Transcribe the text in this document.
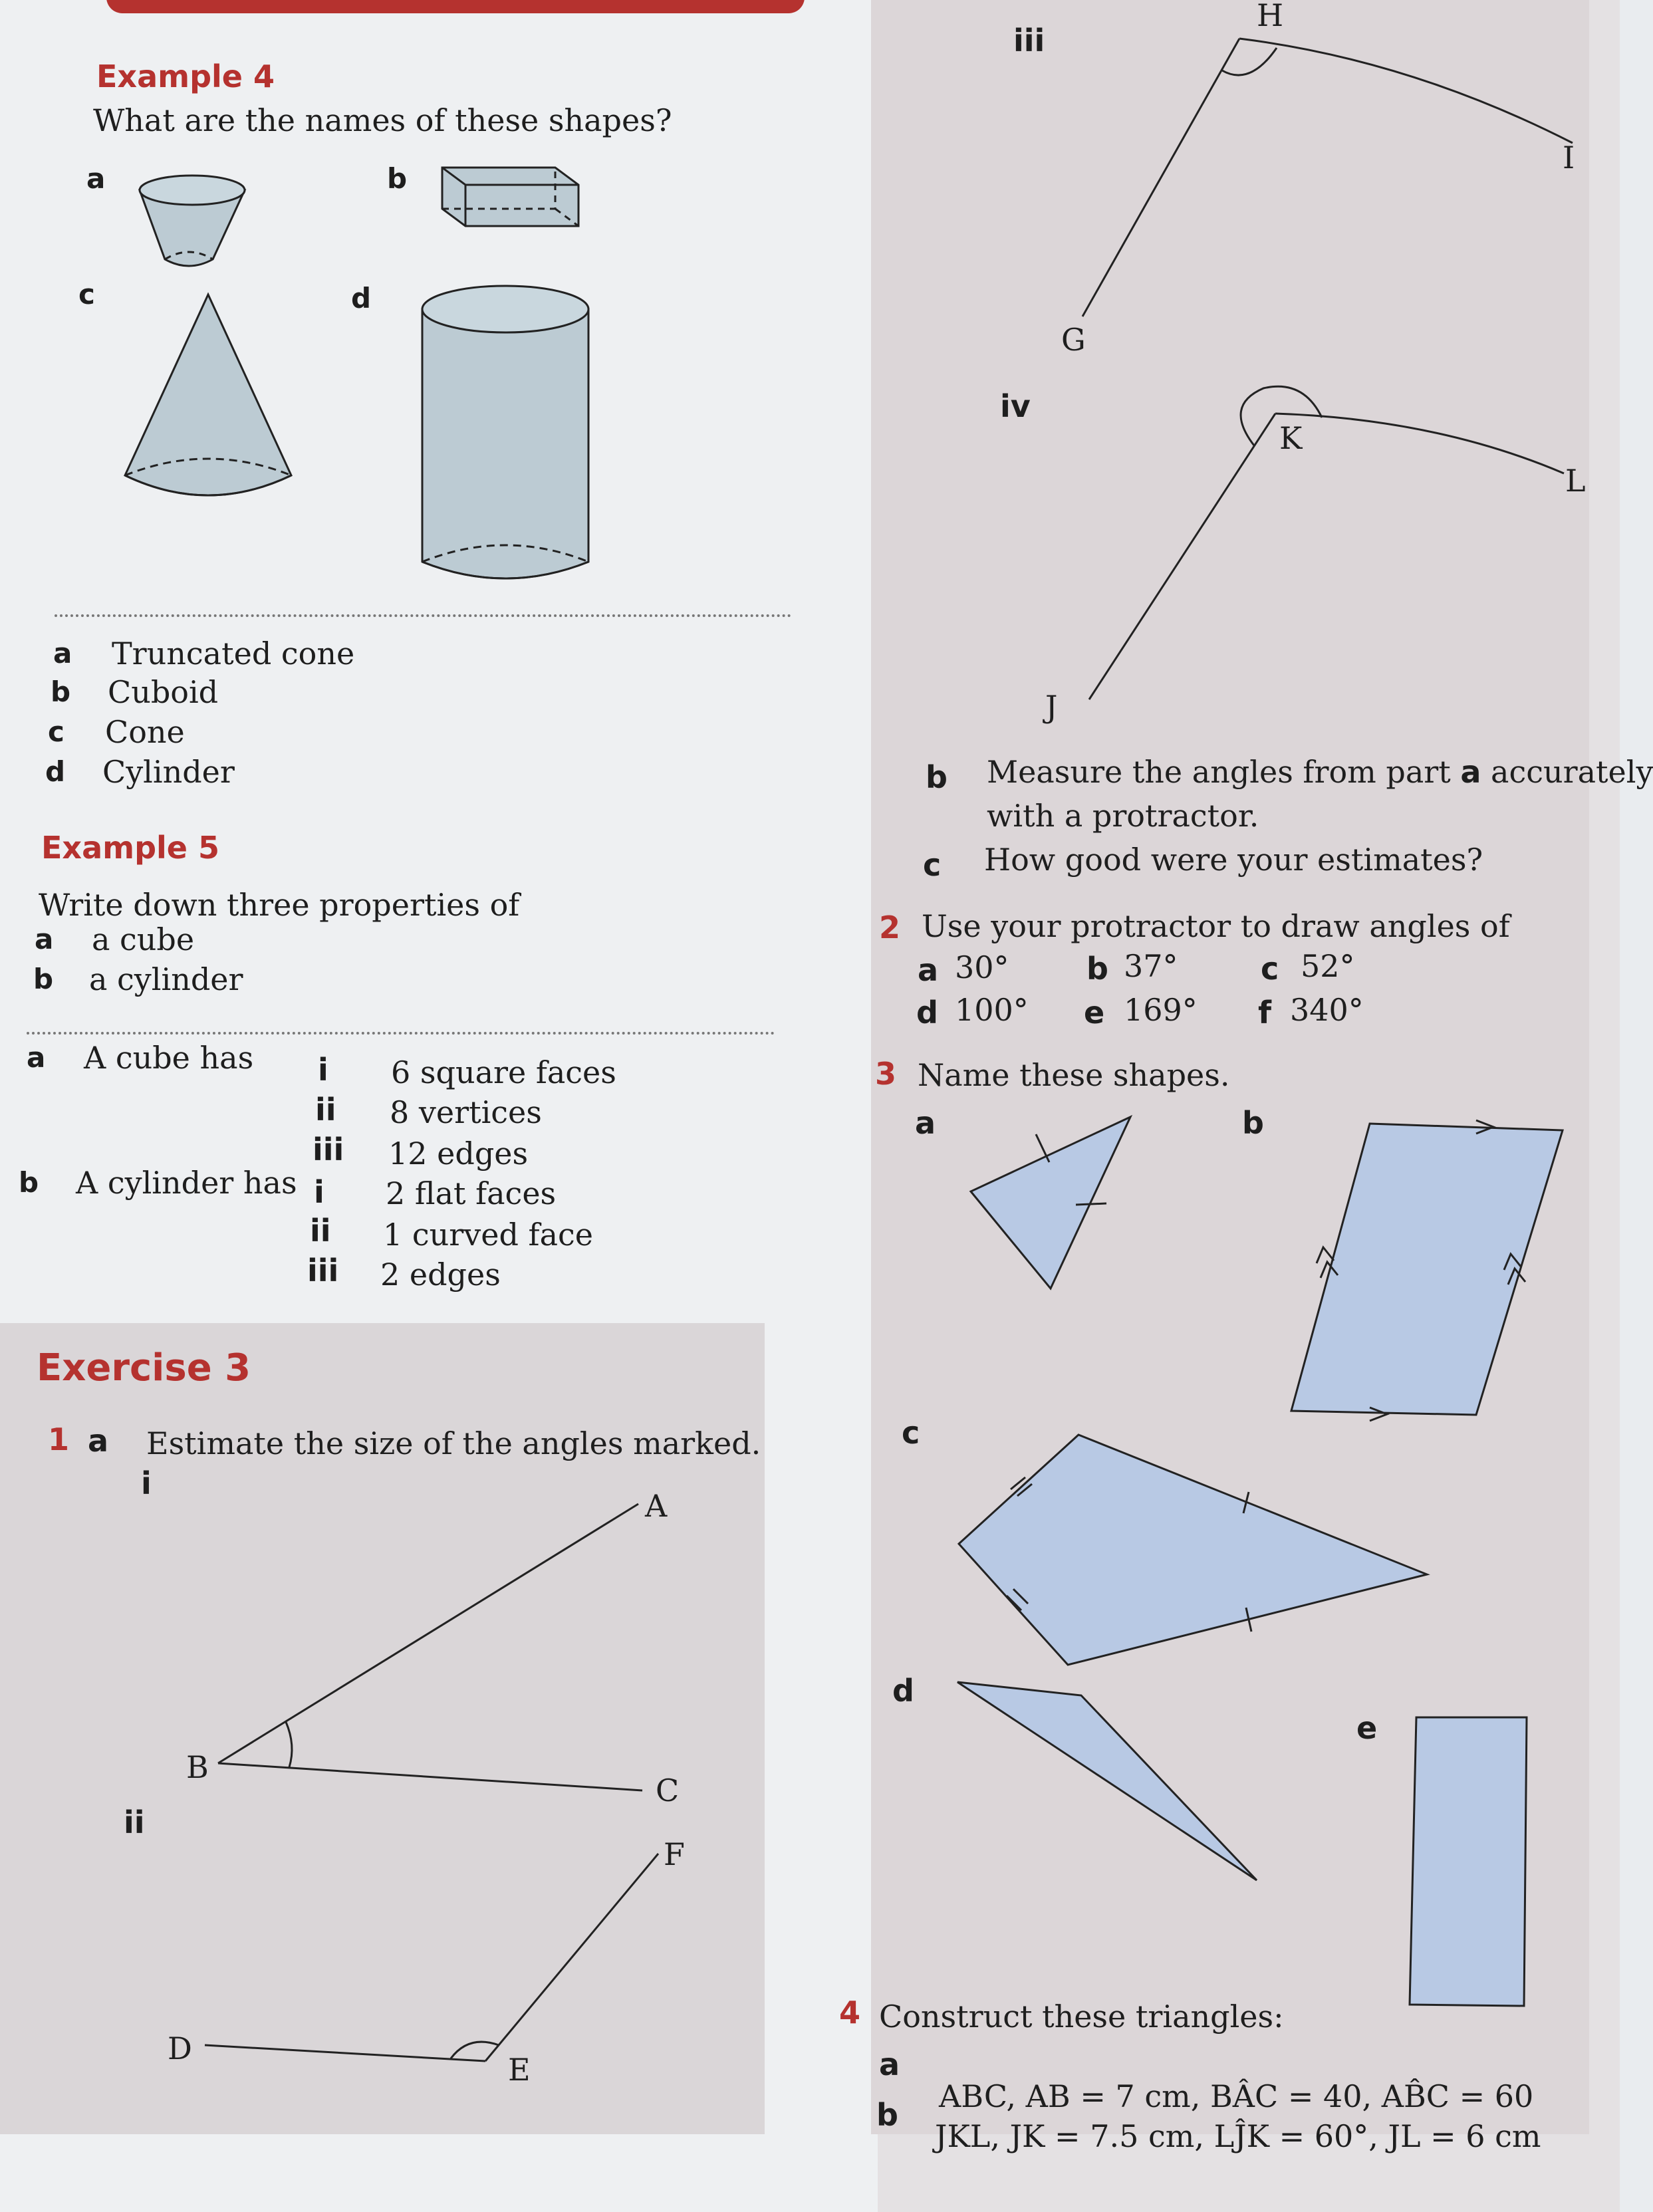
Example 4
What are the names of these shapes?
a	b
c	d
a Truncated cone
b Cuboid
c Cone
d Cylinder
Example 5
Write down three properties of
a a cube
b a cylinder
a A cube has i 6 square faces
ii 8 vertices
iii 12 edges
b A cylinder has i 2 flat faces
ii 1 curved face
iii 2 edges
Exercise 3
1 a Estimate the size of the angles marked.
i
A
B
C
ii
F
D
E
iii
H
I
G
iv
K
L
J
b Measure the angles from part a accurately
with a protractor.
c How good were your estimates?
2 Use your protractor to draw angles of
a 30°	b 37°	c 52°
d 100° e 169° f 340°
3 Name these shapes.
a	b
c
d
e
4 Construct these triangles:
a
ABC, AB = 7 cm, BÂC = 40, AB̂C = 60
b
JKL, JK = 7.5 cm, LĴK = 60°, JL = 6 cm
